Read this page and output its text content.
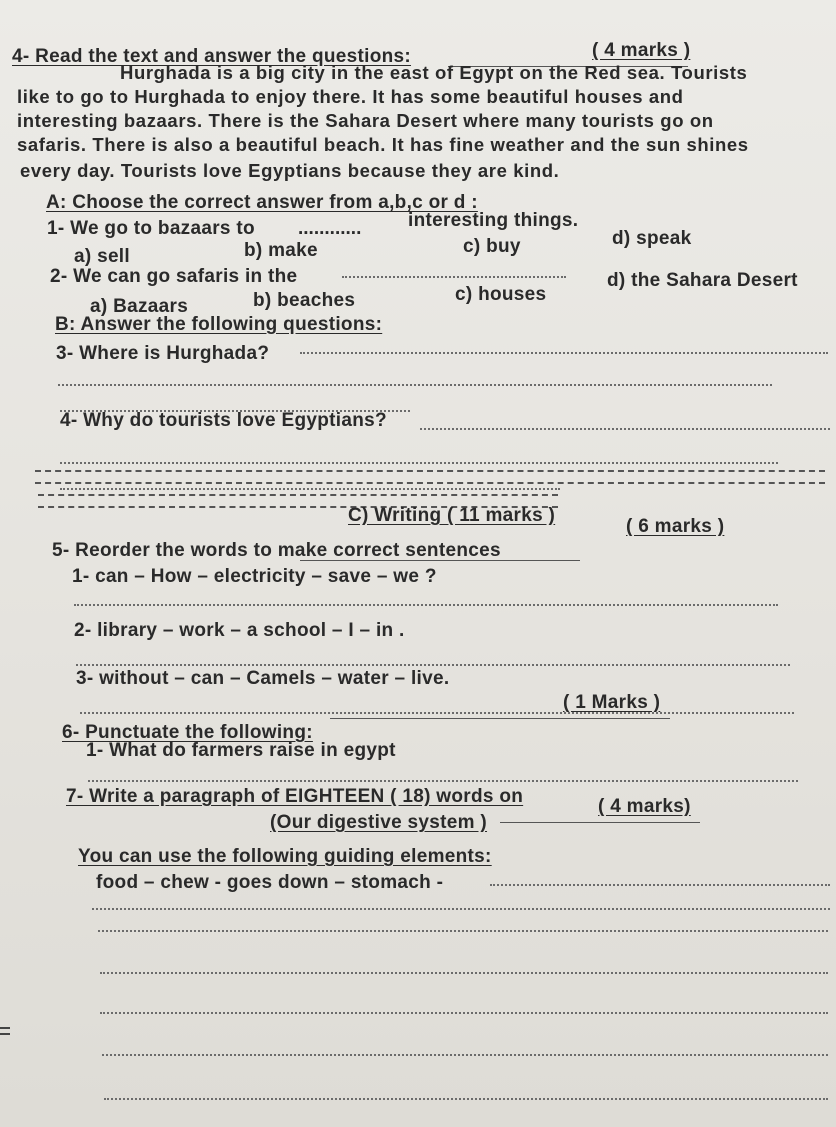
4- Read the text and answer the questions:	( 4 marks )
Hurghada is a big city in the east of Egypt on the Red sea. Tourists
like to go to Hurghada to enjoy there. It has some beautiful houses and
interesting bazaars. There is the Sahara Desert where many tourists go on
safaris. There is also a beautiful beach. It has fine weather and the sun shines
every day. Tourists love Egyptians because they are kind.
A: Choose the correct answer from a,b,c or d :
1- We go to bazaars to ............ interesting things.
a) sell	b) make	c) buy	d) speak
2- We can go safaris in the
a) Bazaars	b) beaches	c) houses
d) the Sahara Desert
B: Answer the following questions:
3- Where is Hurghada?
4- Why do tourists love Egyptians?
C) Writing ( 11 marks )
5- Reorder the words to make correct sentences
( 6 marks )
1- can – How – electricity – save – we ?
2- library – work – a school – I – in .
3- without – can – Camels – water – live.
6- Punctuate the following:
( 1 Marks )
1- What do farmers raise in egypt
7- Write a paragraph of EIGHTEEN ( 18) words on
(Our digestive system )
( 4 marks)
You can use the following guiding elements:
food – chew - goes down – stomach -
